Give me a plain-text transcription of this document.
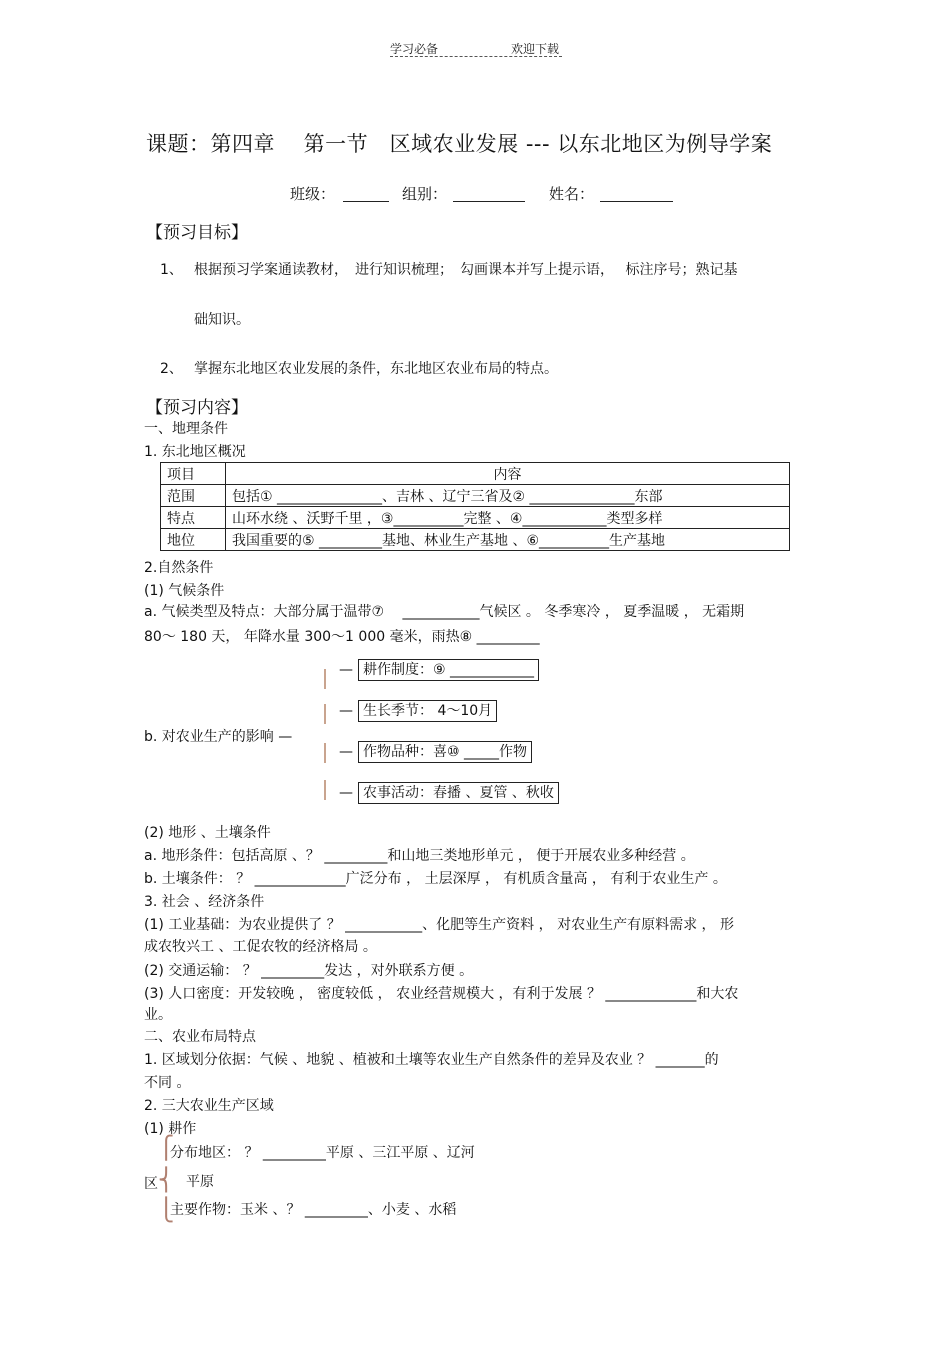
学习必备	欢迎下载
课题：第四章　 第一节　区域农业发展 --- 以东北地区为例导学案
班级：	组别：	姓名：
【预习目标】
1、 根据预习学案通读教材，　进行知识梳理；　勾画课本并写上提示语，　 标注序号；熟记基
础知识。
2、 掌握东北地区农业发展的条件，东北地区农业布局的特点。
【预习内容】
一、地理条件
1. 东北地区概况
项目	内容
范围	包括① _______________、吉林 、辽宁三省及② _______________东部
特点	山环水绕 、沃野千里 ，③__________完整 、④____________类型多样
地位	我国重要的⑤ _________基地、林业生产基地 、⑥__________生产基地
2.自然条件
(1) 气候条件
a. 气候类型及特点：大部分属于温带⑦　 ___________气候区 。 冬季寒冷 ， 夏季温暖 ， 无霜期
80～ 180 天， 年降水量 300～1 000 毫米，雨热⑧ _________
—
—
—
—
耕作制度：⑨ ____________
生长季节： 4～10月
作物品种：喜⑩ _____作物
农事活动：春播 、夏管 、秋收
b. 对农业生产的影响 —
(2) 地形 、土壤条件
a. 地形条件：包括高原 、？ _________和山地三类地形单元 ， 便于开展农业多种经营 。
b. 土壤条件： ？ _____________广泛分布 ， 土层深厚 ， 有机质含量高 ， 有利于农业生产 。
3. 社会 、经济条件
(1) 工业基础：为农业提供了 ？ ___________、化肥等生产资料 ， 对农业生产有原料需求 ， 形
成农牧兴工 、工促农牧的经济格局 。
(2) 交通运输： ？ _________发达 ，对外联系方便 。
(3) 人口密度：开发较晚 ， 密度较低 ， 农业经营规模大 ，有利于发展 ？ _____________和大农
业。
二、农业布局特点
1. 区域划分依据：气候 、地貌 、植被和土壤等农业生产自然条件的差异及农业 ？ _______的
不同 。
2. 三大农业生产区域
(1) 耕作
⎧
⎨
⎩
分布地区： ？ _________平原 、三江平原 、辽河
区 平原
主要作物：玉米 、？ _________、小麦 、水稻
